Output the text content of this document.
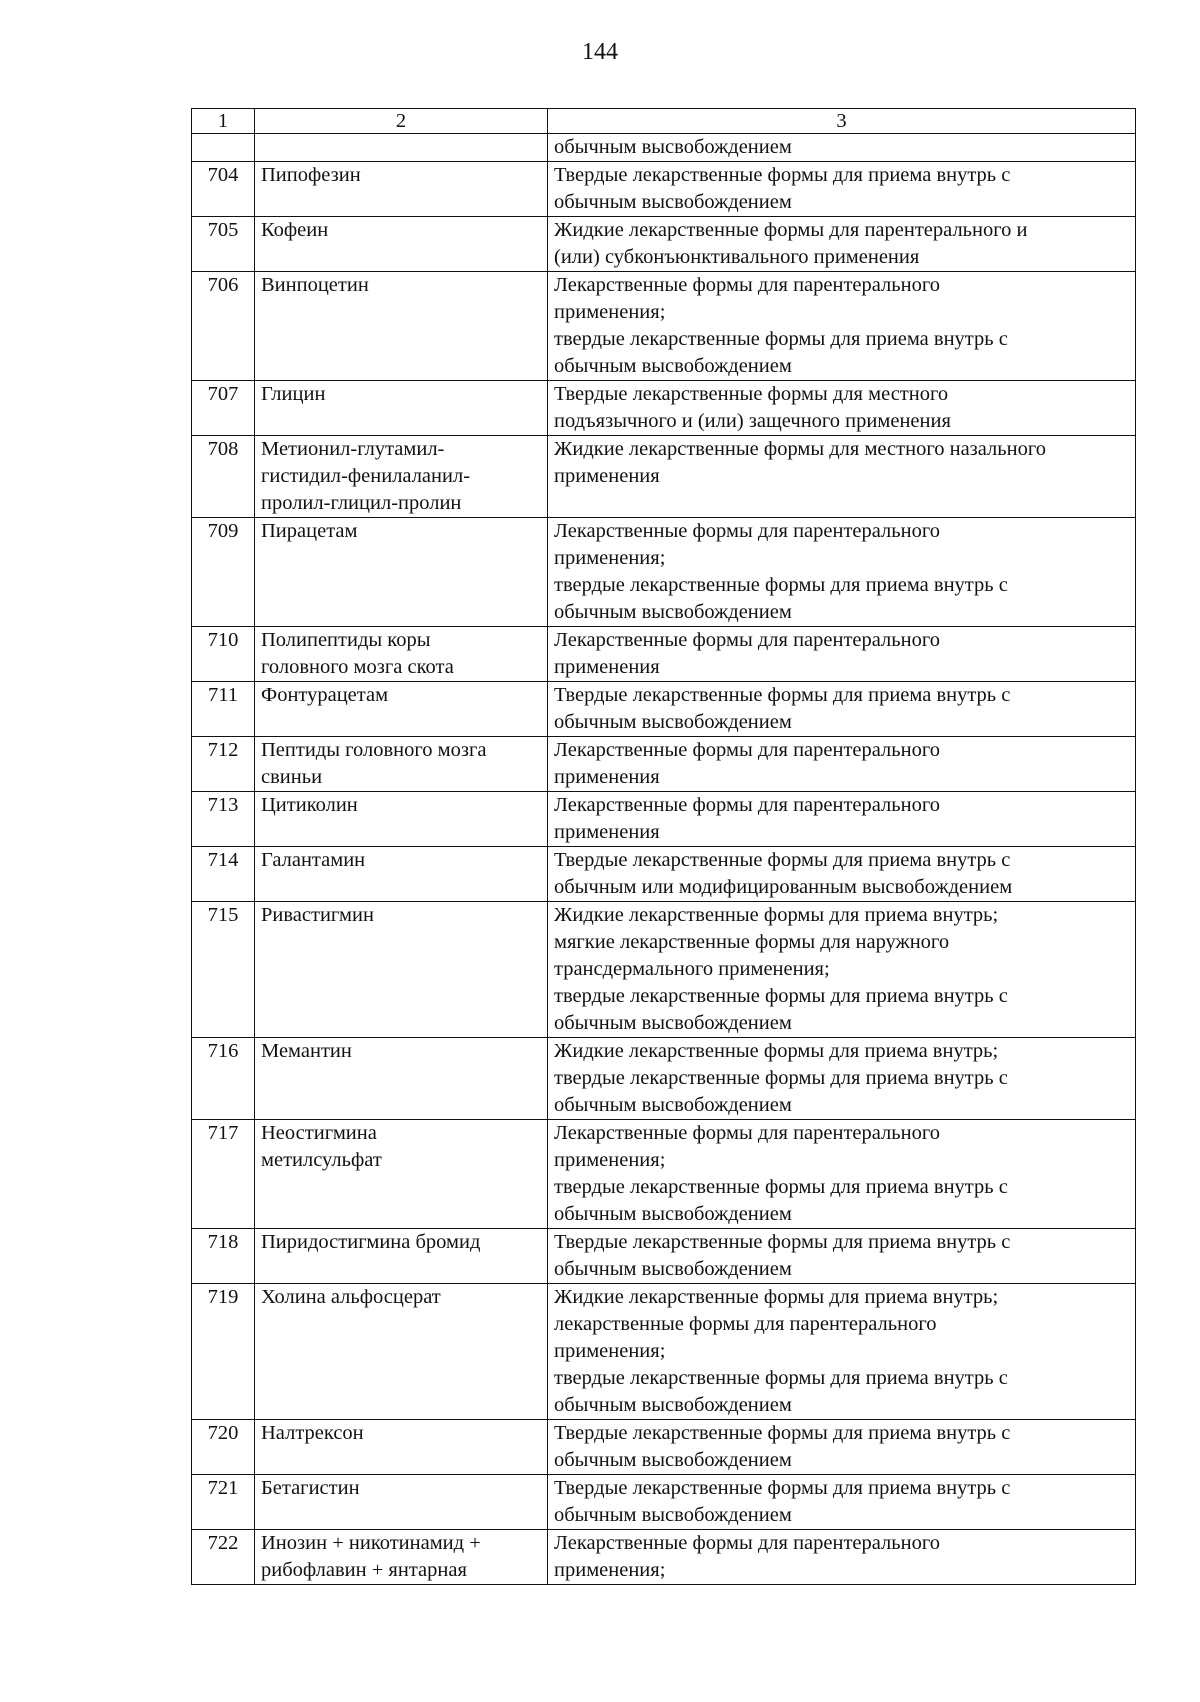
144
1	2	3

		обычным высвобождением

704	Пипофезин	Твердые лекарственные формы для приема внутрь с
обычным высвобождением

705	Кофеин	Жидкие лекарственные формы для парентерального и
(или) субконъюнктивального применения

706	Винпоцетин	Лекарственные формы для парентерального
применения;
твердые лекарственные формы для приема внутрь с
обычным высвобождением

707	Глицин	Твердые лекарственные формы для местного
подъязычного и (или) защечного применения

708	Метионил-глутамил-
гистидил-фенилаланил-
пролил-глицил-пролин	Жидкие лекарственные формы для местного назального
применения

709	Пирацетам	Лекарственные формы для парентерального
применения;
твердые лекарственные формы для приема внутрь с
обычным высвобождением

710	Полипептиды коры
головного мозга скота	Лекарственные формы для парентерального
применения

711	Фонтурацетам	Твердые лекарственные формы для приема внутрь с
обычным высвобождением

712	Пептиды головного мозга
свиньи	Лекарственные формы для парентерального
применения

713	Цитиколин	Лекарственные формы для парентерального
применения

714	Галантамин	Твердые лекарственные формы для приема внутрь с
обычным или модифицированным высвобождением

715	Ривастигмин	Жидкие лекарственные формы для приема внутрь;
мягкие лекарственные формы для наружного
трансдермального применения;
твердые лекарственные формы для приема внутрь с
обычным высвобождением

716	Мемантин	Жидкие лекарственные формы для приема внутрь;
твердые лекарственные формы для приема внутрь с
обычным высвобождением

717	Неостигмина
метилсульфат	Лекарственные формы для парентерального
применения;
твердые лекарственные формы для приема внутрь с
обычным высвобождением

718	Пиридостигмина бромид	Твердые лекарственные формы для приема внутрь с
обычным высвобождением

719	Холина альфосцерат	Жидкие лекарственные формы для приема внутрь;
лекарственные формы для парентерального
применения;
твердые лекарственные формы для приема внутрь с
обычным высвобождением

720	Налтрексон	Твердые лекарственные формы для приема внутрь с
обычным высвобождением

721	Бетагистин	Твердые лекарственные формы для приема внутрь с
обычным высвобождением

722	Инозин + никотинамид +
рибофлавин + янтарная	Лекарственные формы для парентерального
применения;
